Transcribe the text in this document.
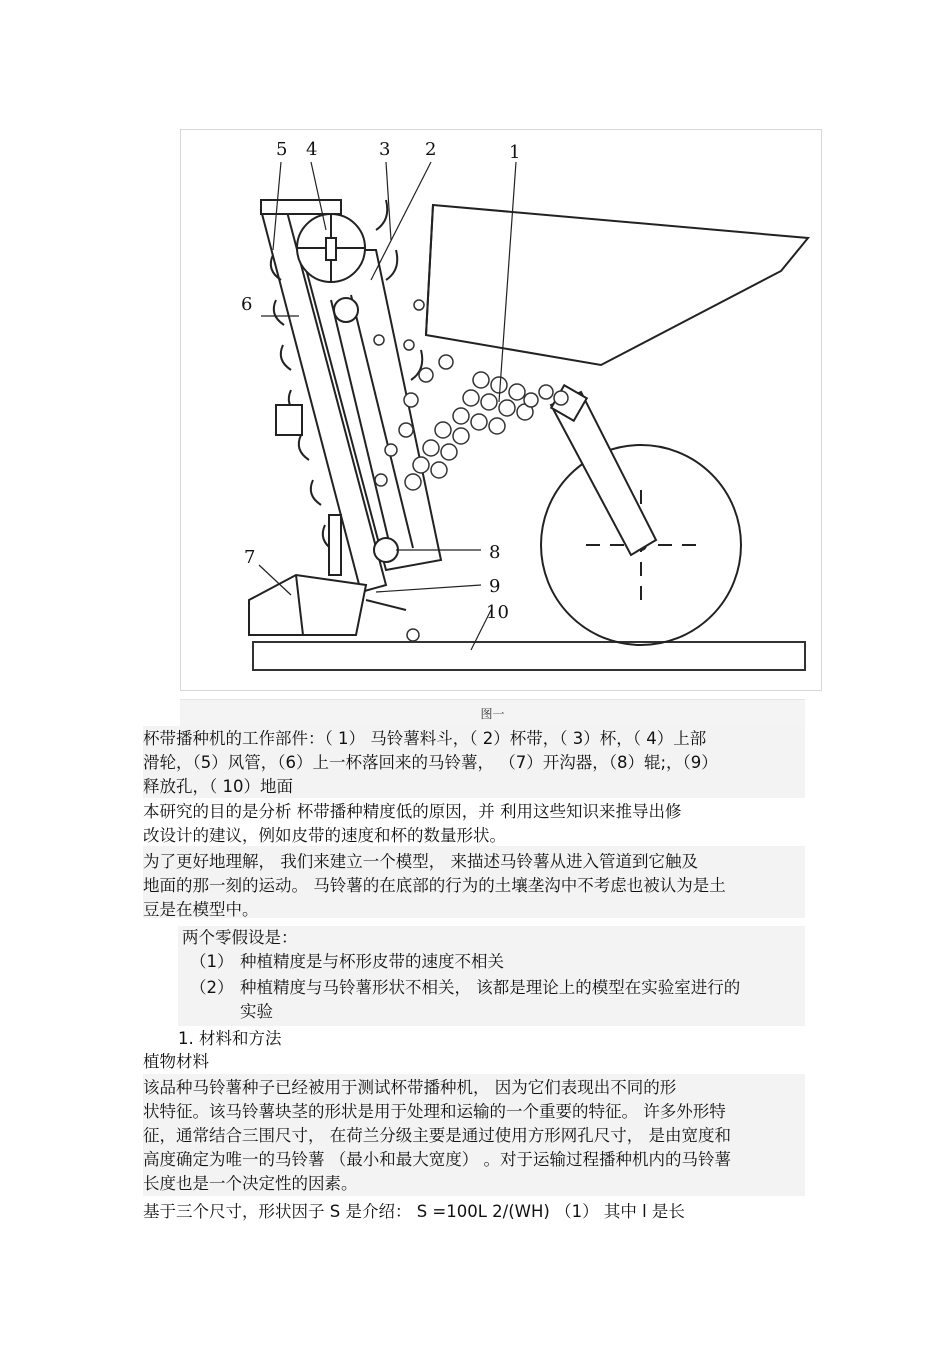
5 4	3 2	1
6
7	8
9
10
图一
杯带播种机的工作部件：（ 1） 马铃薯料斗，（ 2）杯带，（ 3）杯，（ 4）上部
滑轮，（5）风管，（6）上一杯落回来的马铃薯， （7）开沟器，（8）辊;，（9）
释放孔，（ 10）地面
本研究的目的是分析 杯带播种精度低的原因，并 利用这些知识来推导出修
改设计的建议，例如皮带的速度和杯的数量形状。
为了更好地理解， 我们来建立一个模型， 来描述马铃薯从进入管道到它触及
地面的那一刻的运动。 马铃薯的在底部的行为的土壤垄沟中不考虑也被认为是土
豆是在模型中。
两个零假设是：
（1） 种植精度是与杯形皮带的速度不相关
（2） 种植精度与马铃薯形状不相关， 该都是理论上的模型在实验室进行的
实验
1. 材料和方法
植物材料
该品种马铃薯种子已经被用于测试杯带播种机， 因为它们表现出不同的形
状特征。该马铃薯块茎的形状是用于处理和运输的一个重要的特征。 许多外形特
征，通常结合三围尺寸， 在荷兰分级主要是通过使用方形网孔尺寸， 是由宽度和
高度确定为唯一的马铃薯 （最小和最大宽度） 。对于运输过程播种机内的马铃薯
长度也是一个决定性的因素。
基于三个尺寸，形状因子 S 是介绍： S =100L 2/(WH) （1） 其中 l 是长
